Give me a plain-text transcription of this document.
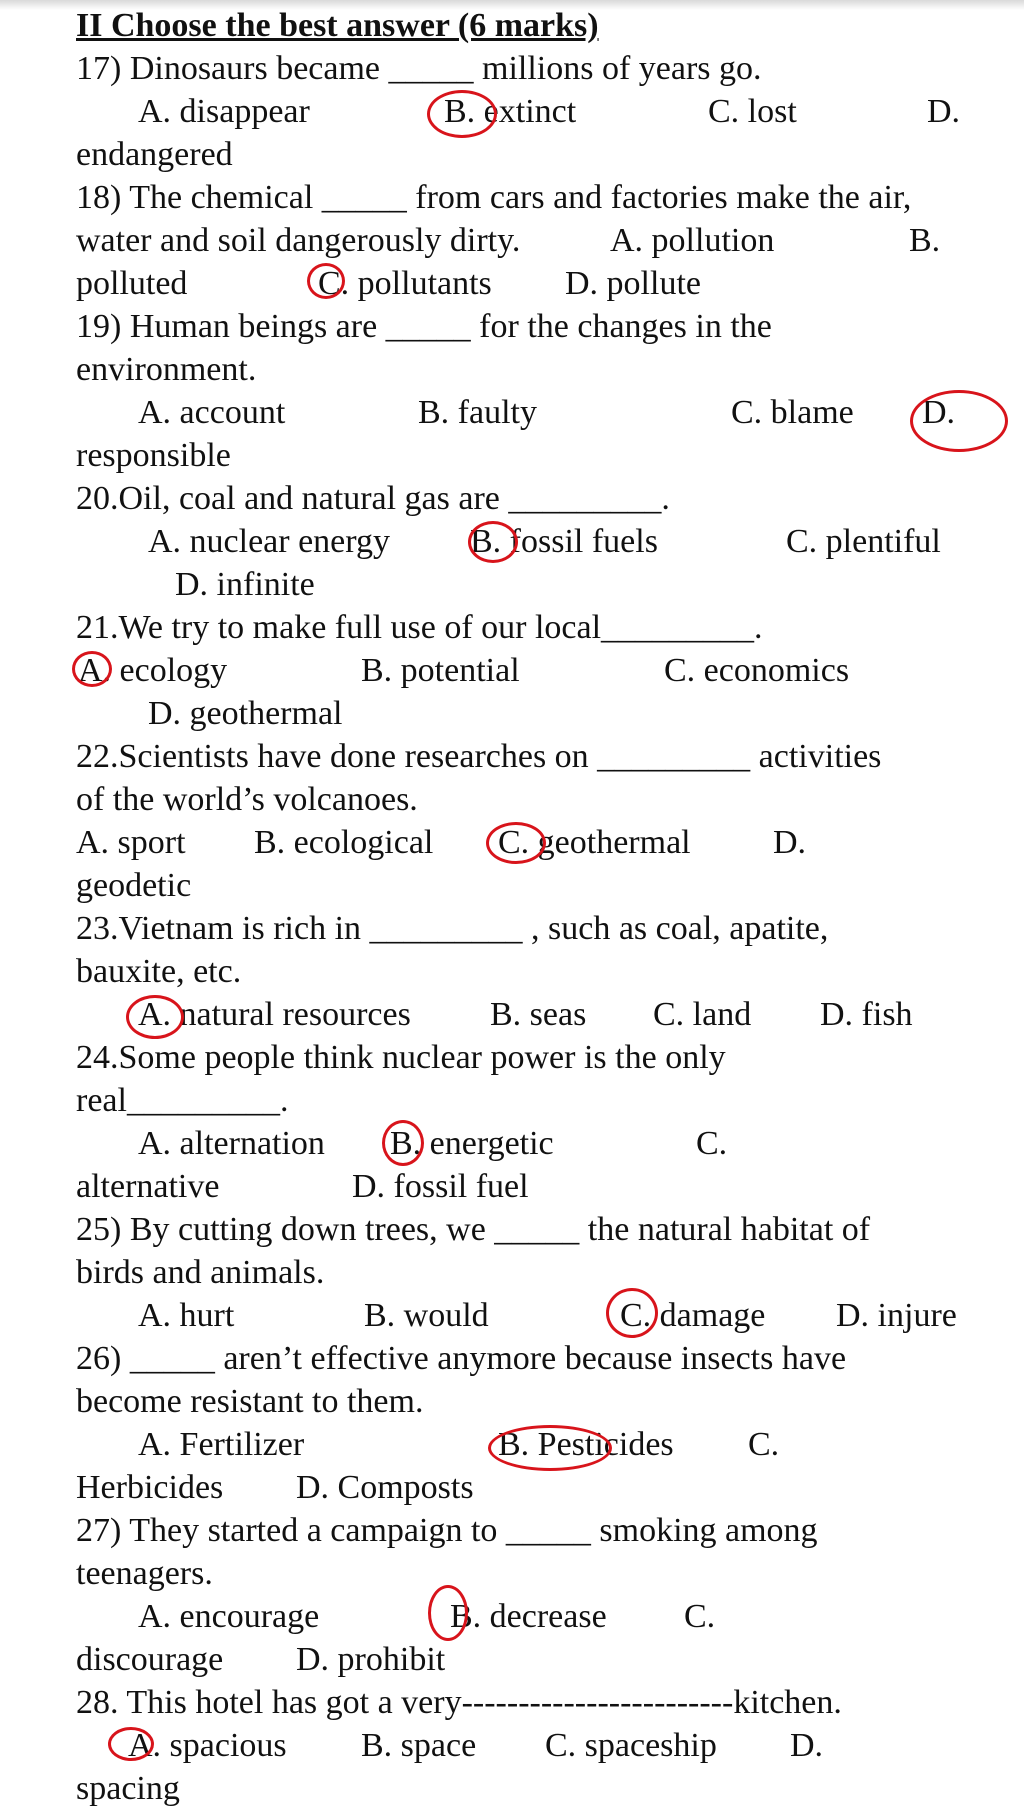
II Choose the best answer (6 marks)
17) Dinosaurs became _____ millions of years go.
A. disappear	B. extinct	C. lost	D.
endangered
18) The chemical _____ from cars and factories make the air,
water and soil dangerously dirty.	A. pollution	B.
polluted	C. pollutants D. pollute
19) Human beings are _____ for the changes in the
environment.
A. account	B. faulty	C. blame D.
responsible
20.Oil, coal and natural gas are _________.
A. nuclear energy B. fossil fuels	C. plentiful
D. infinite
21.We try to make full use of our local_________.
A. ecology	B. potential	C. economics
D. geothermal
22.Scientists have done researches on _________ activities
of the world’s volcanoes.
A. sport B. ecological C. geothermal D.
geodetic
23.Vietnam is rich in _________ , such as coal, apatite,
bauxite, etc.
A. natural resources B. seas C. land D. fish
24.Some people think nuclear power is the only
real_________.
A. alternation B. energetic	C.
alternative	D. fossil fuel
25) By cutting down trees, we _____ the natural habitat of
birds and animals.
A. hurt	B. would	C. damage D. injure
26) _____ aren’t effective anymore because insects have
become resistant to them.
A. Fertilizer	B. Pesticides C.
Herbicides D. Composts
27) They started a campaign to _____ smoking among
teenagers.
A. encourage	B. decrease C.
discourage D. prohibit
28. This hotel has got a very------------------------kitchen.
A. spacious B. space C. spaceship D.
spacing
